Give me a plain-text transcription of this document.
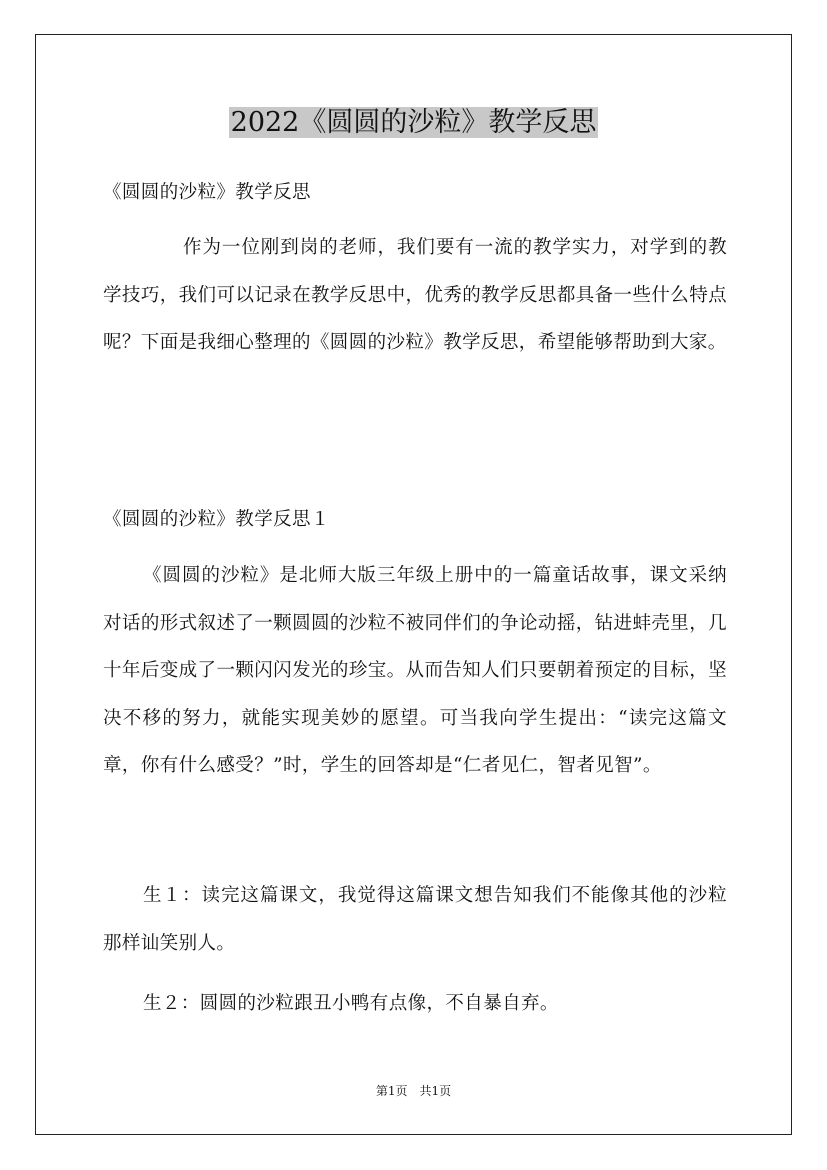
2022《圆圆的沙粒》教学反思

《圆圆的沙粒》教学反思

作为一位刚到岗的老师，我们要有一流的教学实力，对学到的教学技巧，我们可以记录在教学反思中，优秀的教学反思都具备一些什么特点呢？下面是我细心整理的《圆圆的沙粒》教学反思，希望能够帮助到大家。

《圆圆的沙粒》教学反思１

《圆圆的沙粒》是北师大版三年级上册中的一篇童话故事，课文采纳对话的形式叙述了一颗圆圆的沙粒不被同伴们的争论动摇，钻进蚌壳里，几十年后变成了一颗闪闪发光的珍宝。从而告知人们只要朝着预定的目标，坚决不移的努力，就能实现美妙的愿望。可当我向学生提出：“读完这篇文章，你有什么感受？”时，学生的回答却是“仁者见仁，智者见智”。

生１：读完这篇课文，我觉得这篇课文想告知我们不能像其他的沙粒那样讪笑别人。

生２：圆圆的沙粒跟丑小鸭有点像，不自暴自弃。

第1页　共1页
